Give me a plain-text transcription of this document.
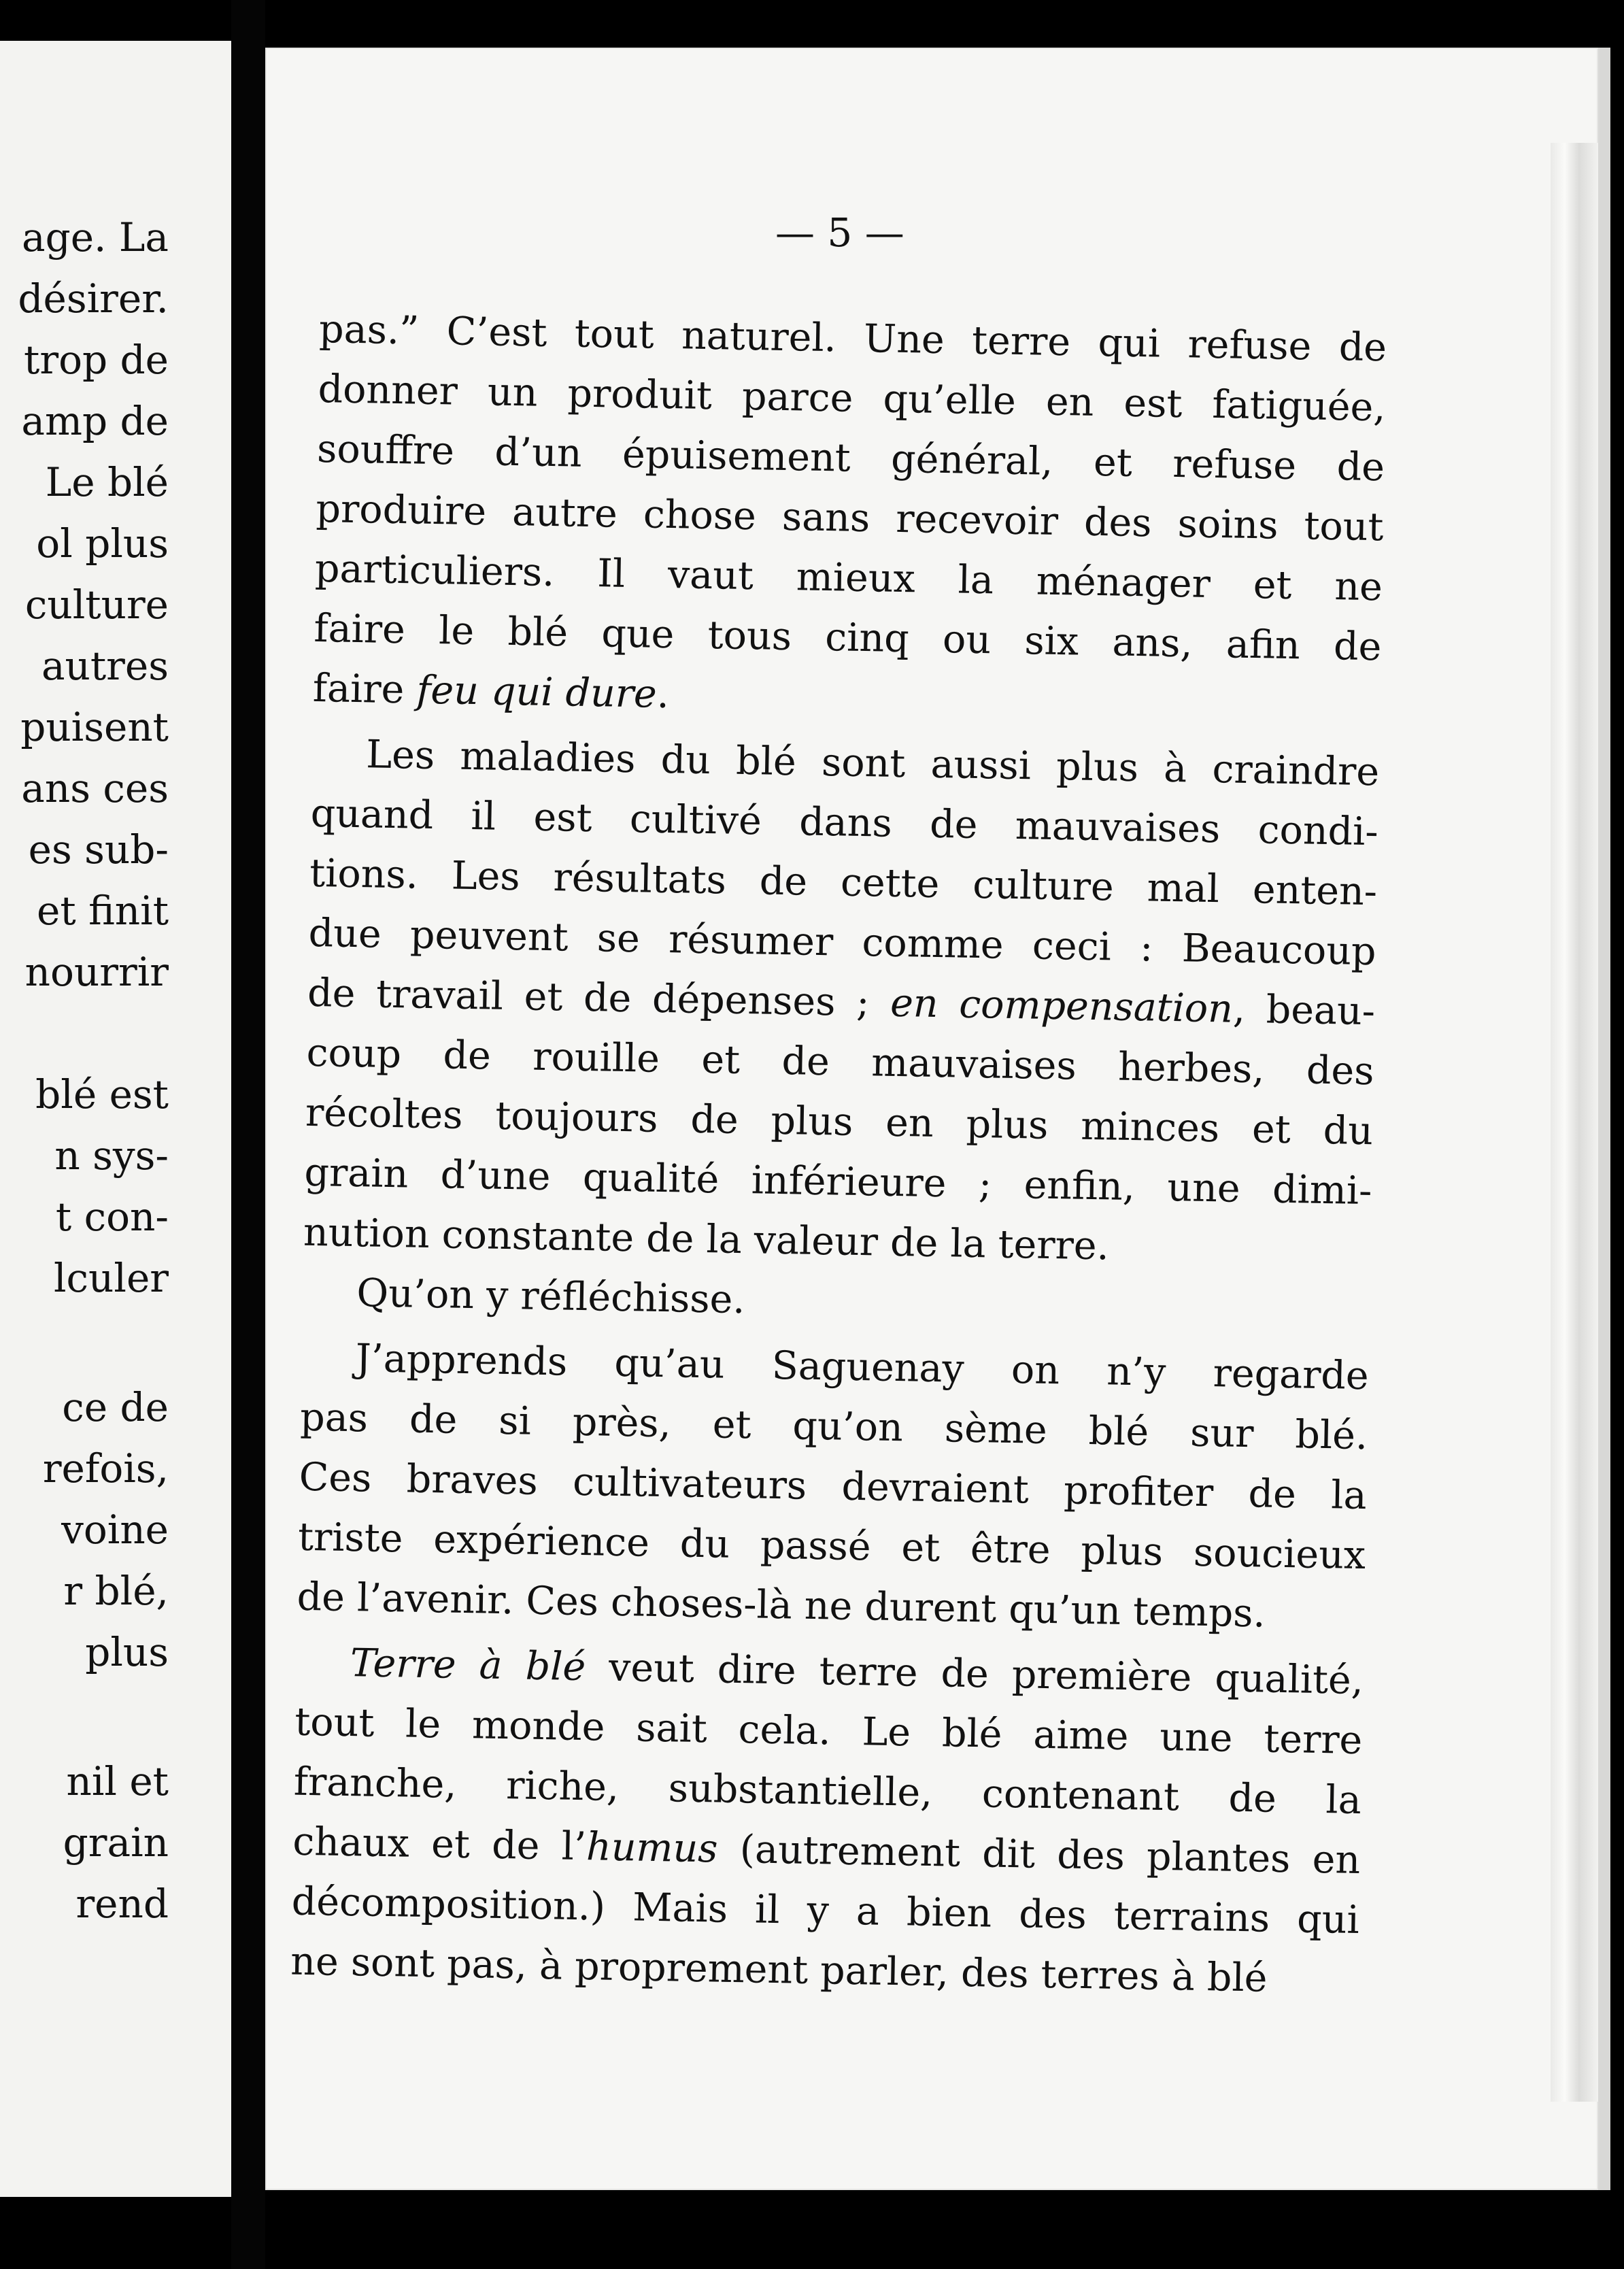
age. La
désirer.
trop de
amp de
Le blé
ol plus
culture
autres
puisent
ans ces
es sub-
et finit
nourrir
blé est
n sys-
t con-
lculer
ce de
refois,
voine
r blé,
plus
nil et
grain
rend
— 5 —

pas.” C’est tout naturel. Une terre qui refuse de
donner un produit parce qu’elle en est fatiguée,
souffre d’un épuisement général, et refuse de
produire autre chose sans recevoir des soins tout
particuliers. Il vaut mieux la ménager et ne
faire le blé que tous cinq ou six ans, afin de
faire feu qui dure.

Les maladies du blé sont aussi plus à craindre
quand il est cultivé dans de mauvaises condi-
tions. Les résultats de cette culture mal enten-
due peuvent se résumer comme ceci : Beaucoup
de travail et de dépenses ; en compensation, beau-
coup de rouille et de mauvaises herbes, des
récoltes toujours de plus en plus minces et du
grain d’une qualité inférieure ; enfin, une dimi-
nution constante de la valeur de la terre.

Qu’on y réfléchisse.

J’apprends qu’au Saguenay on n’y regarde
pas de si près, et qu’on sème blé sur blé.
Ces braves cultivateurs devraient profiter de la
triste expérience du passé et être plus soucieux
de l’avenir. Ces choses-là ne durent qu’un temps.

Terre à blé veut dire terre de première qualité,
tout le monde sait cela. Le blé aime une terre
franche, riche, substantielle, contenant de la
chaux et de l’humus (autrement dit des plantes en
décomposition.) Mais il y a bien des terrains qui
ne sont pas, à proprement parler, des terres à blé
